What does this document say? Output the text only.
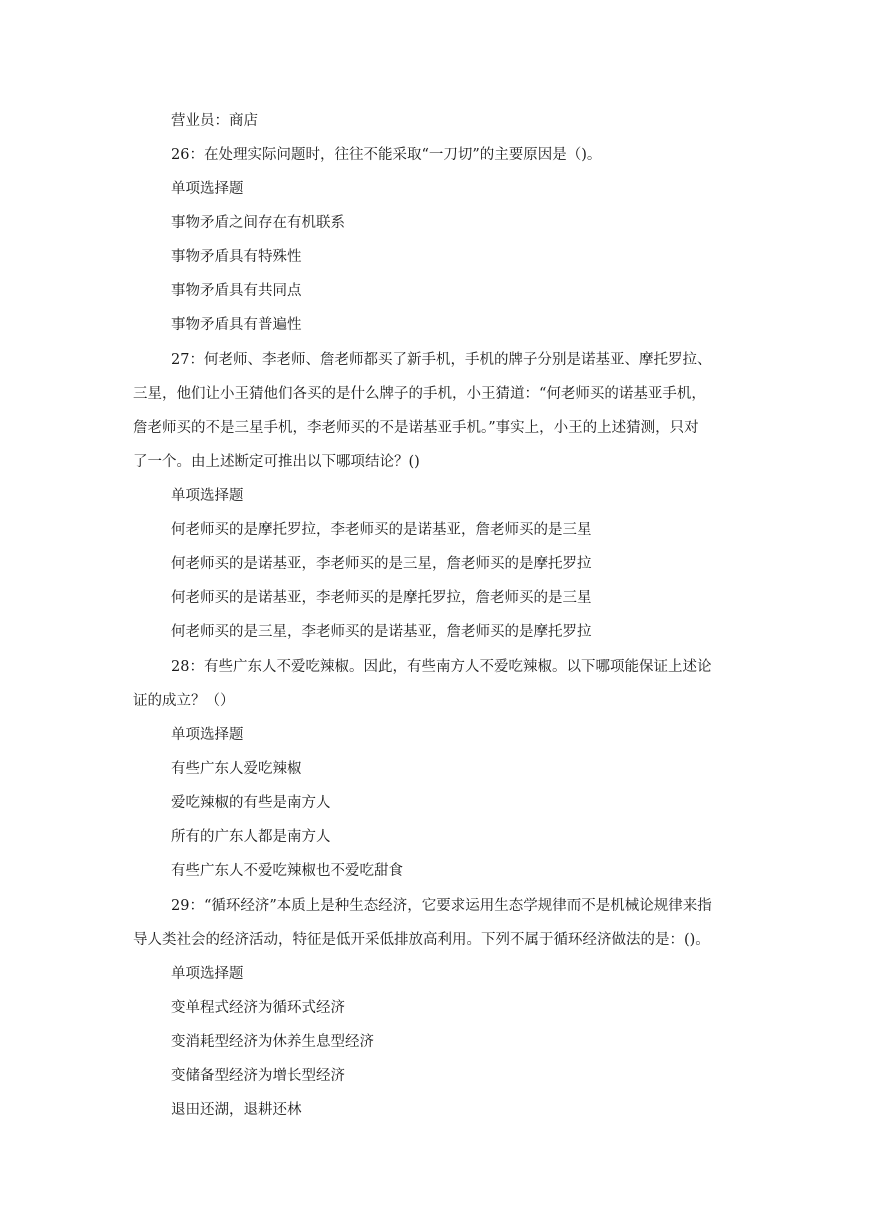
营业员：商店
26：在处理实际问题时，往往不能采取“一刀切”的主要原因是（)。
单项选择题
事物矛盾之间存在有机联系
事物矛盾具有特殊性
事物矛盾具有共同点
事物矛盾具有普遍性
27：何老师、李老师、詹老师都买了新手机，手机的牌子分别是诺基亚、摩托罗拉、
三星，他们让小王猜他们各买的是什么牌子的手机，小王猜道：“何老师买的诺基亚手机，
詹老师买的不是三星手机，李老师买的不是诺基亚手机。”事实上，小王的上述猜测，只对
了一个。由上述断定可推出以下哪项结论？()
单项选择题
何老师买的是摩托罗拉，李老师买的是诺基亚，詹老师买的是三星
何老师买的是诺基亚，李老师买的是三星，詹老师买的是摩托罗拉
何老师买的是诺基亚，李老师买的是摩托罗拉，詹老师买的是三星
何老师买的是三星，李老师买的是诺基亚，詹老师买的是摩托罗拉
28：有些广东人不爱吃辣椒。因此，有些南方人不爱吃辣椒。以下哪项能保证上述论
证的成立？（）
单项选择题
有些广东人爱吃辣椒
爱吃辣椒的有些是南方人
所有的广东人都是南方人
有些广东人不爱吃辣椒也不爱吃甜食
29：“循环经济”本质上是种生态经济，它要求运用生态学规律而不是机械论规律来指
导人类社会的经济活动，特征是低开采低排放高利用。下列不属于循环经济做法的是：()。
单项选择题
变单程式经济为循环式经济
变消耗型经济为休养生息型经济
变储备型经济为增长型经济
退田还湖，退耕还林
